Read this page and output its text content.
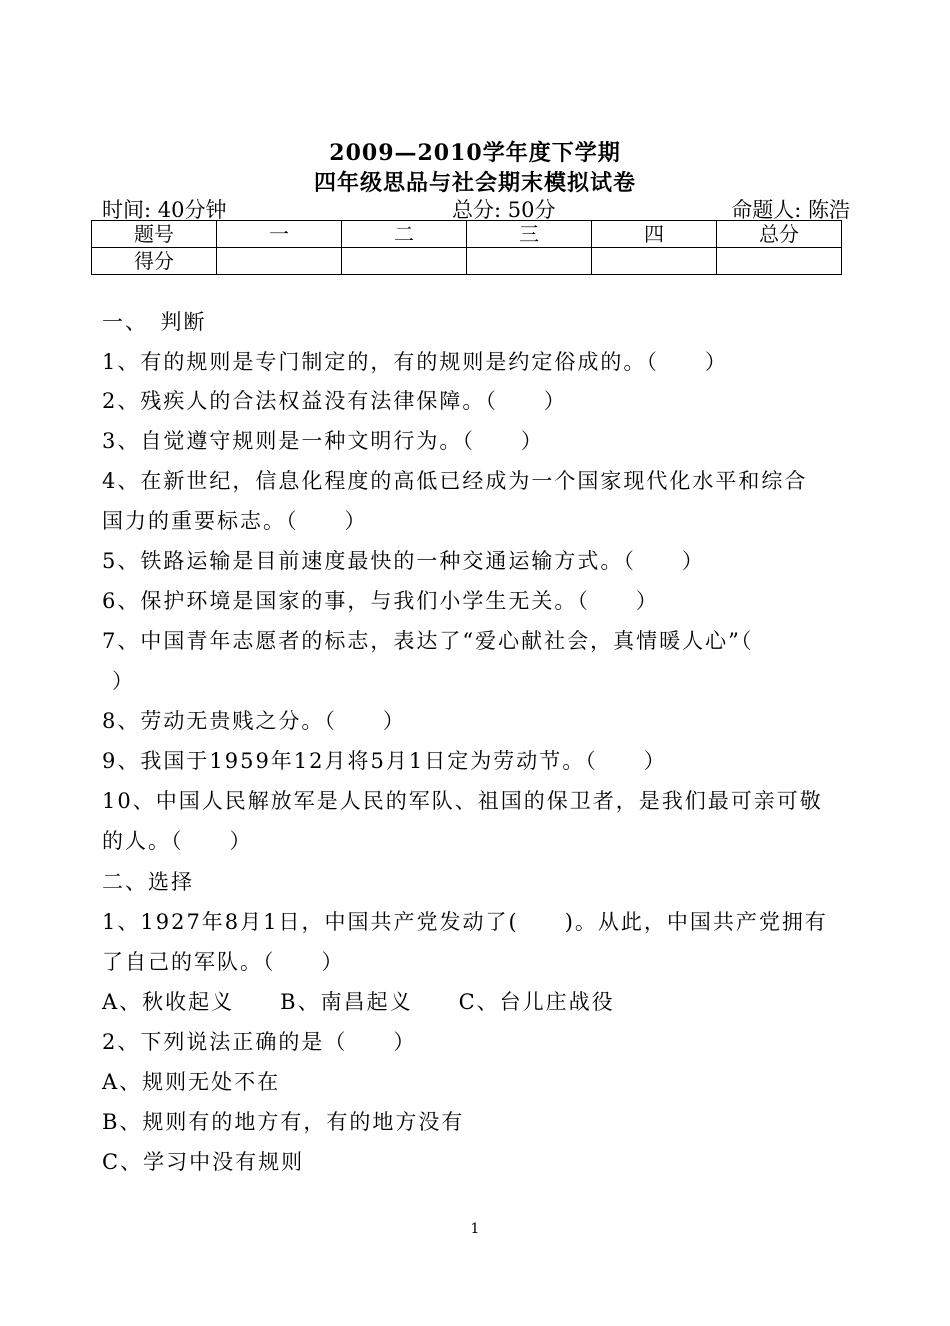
2009—2010学年度下学期
四年级思品与社会期末模拟试卷
时间: 40分钟	总分: 50分	命题人: 陈浩
题号	一	二	三	四	总分
得分					
一、　判断
1、有的规则是专门制定的，有的规则是约定俗成的。（　　）
2、残疾人的合法权益没有法律保障。（　　）
3、自觉遵守规则是一种文明行为。（　　）
4、在新世纪，信息化程度的高低已经成为一个国家现代化水平和综合
国力的重要标志。（　　）
5、铁路运输是目前速度最快的一种交通运输方式。（　　）
6、保护环境是国家的事，与我们小学生无关。（　　）
7、中国青年志愿者的标志，表达了“爱心献社会，真情暖人心”（
）
8、劳动无贵贱之分。（　　）
9、我国于1959年12月将5月1日定为劳动节。（　　）
10、中国人民解放军是人民的军队、祖国的保卫者，是我们最可亲可敬
的人。（　　）
二、选择
1、1927年8月1日，中国共产党发动了(　　)。从此，中国共产党拥有
了自己的军队。（　　）
A、秋收起义　　B、南昌起义　　C、台儿庄战役
2、下列说法正确的是（　　）
A、规则无处不在
B、规则有的地方有，有的地方没有
C、学习中没有规则
1
